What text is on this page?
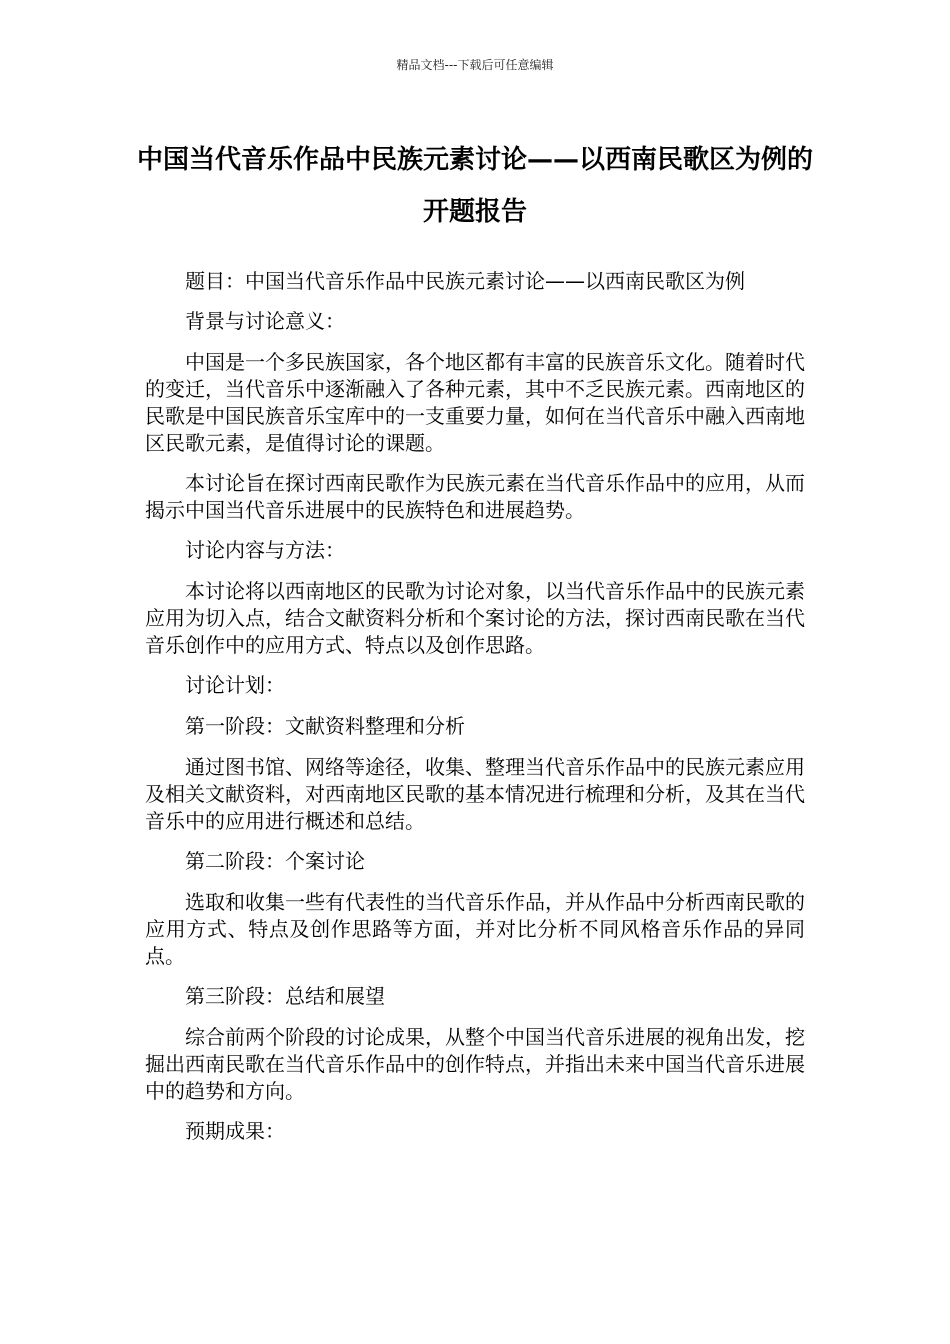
精品文档---下载后可任意编辑
中国当代音乐作品中民族元素讨论——以西南民歌区为例的开题报告

题目：中国当代音乐作品中民族元素讨论——以西南民歌区为例

背景与讨论意义：

中国是一个多民族国家，各个地区都有丰富的民族音乐文化。随着时代的变迁，当代音乐中逐渐融入了各种元素，其中不乏民族元素。西南地区的民歌是中国民族音乐宝库中的一支重要力量，如何在当代音乐中融入西南地区民歌元素，是值得讨论的课题。

本讨论旨在探讨西南民歌作为民族元素在当代音乐作品中的应用，从而揭示中国当代音乐进展中的民族特色和进展趋势。

讨论内容与方法：

本讨论将以西南地区的民歌为讨论对象，以当代音乐作品中的民族元素应用为切入点，结合文献资料分析和个案讨论的方法，探讨西南民歌在当代音乐创作中的应用方式、特点以及创作思路。

讨论计划：

第一阶段：文献资料整理和分析

通过图书馆、网络等途径，收集、整理当代音乐作品中的民族元素应用及相关文献资料，对西南地区民歌的基本情况进行梳理和分析，及其在当代音乐中的应用进行概述和总结。

第二阶段：个案讨论

选取和收集一些有代表性的当代音乐作品，并从作品中分析西南民歌的应用方式、特点及创作思路等方面，并对比分析不同风格音乐作品的异同点。

第三阶段：总结和展望

综合前两个阶段的讨论成果，从整个中国当代音乐进展的视角出发，挖掘出西南民歌在当代音乐作品中的创作特点，并指出未来中国当代音乐进展中的趋势和方向。

预期成果：
